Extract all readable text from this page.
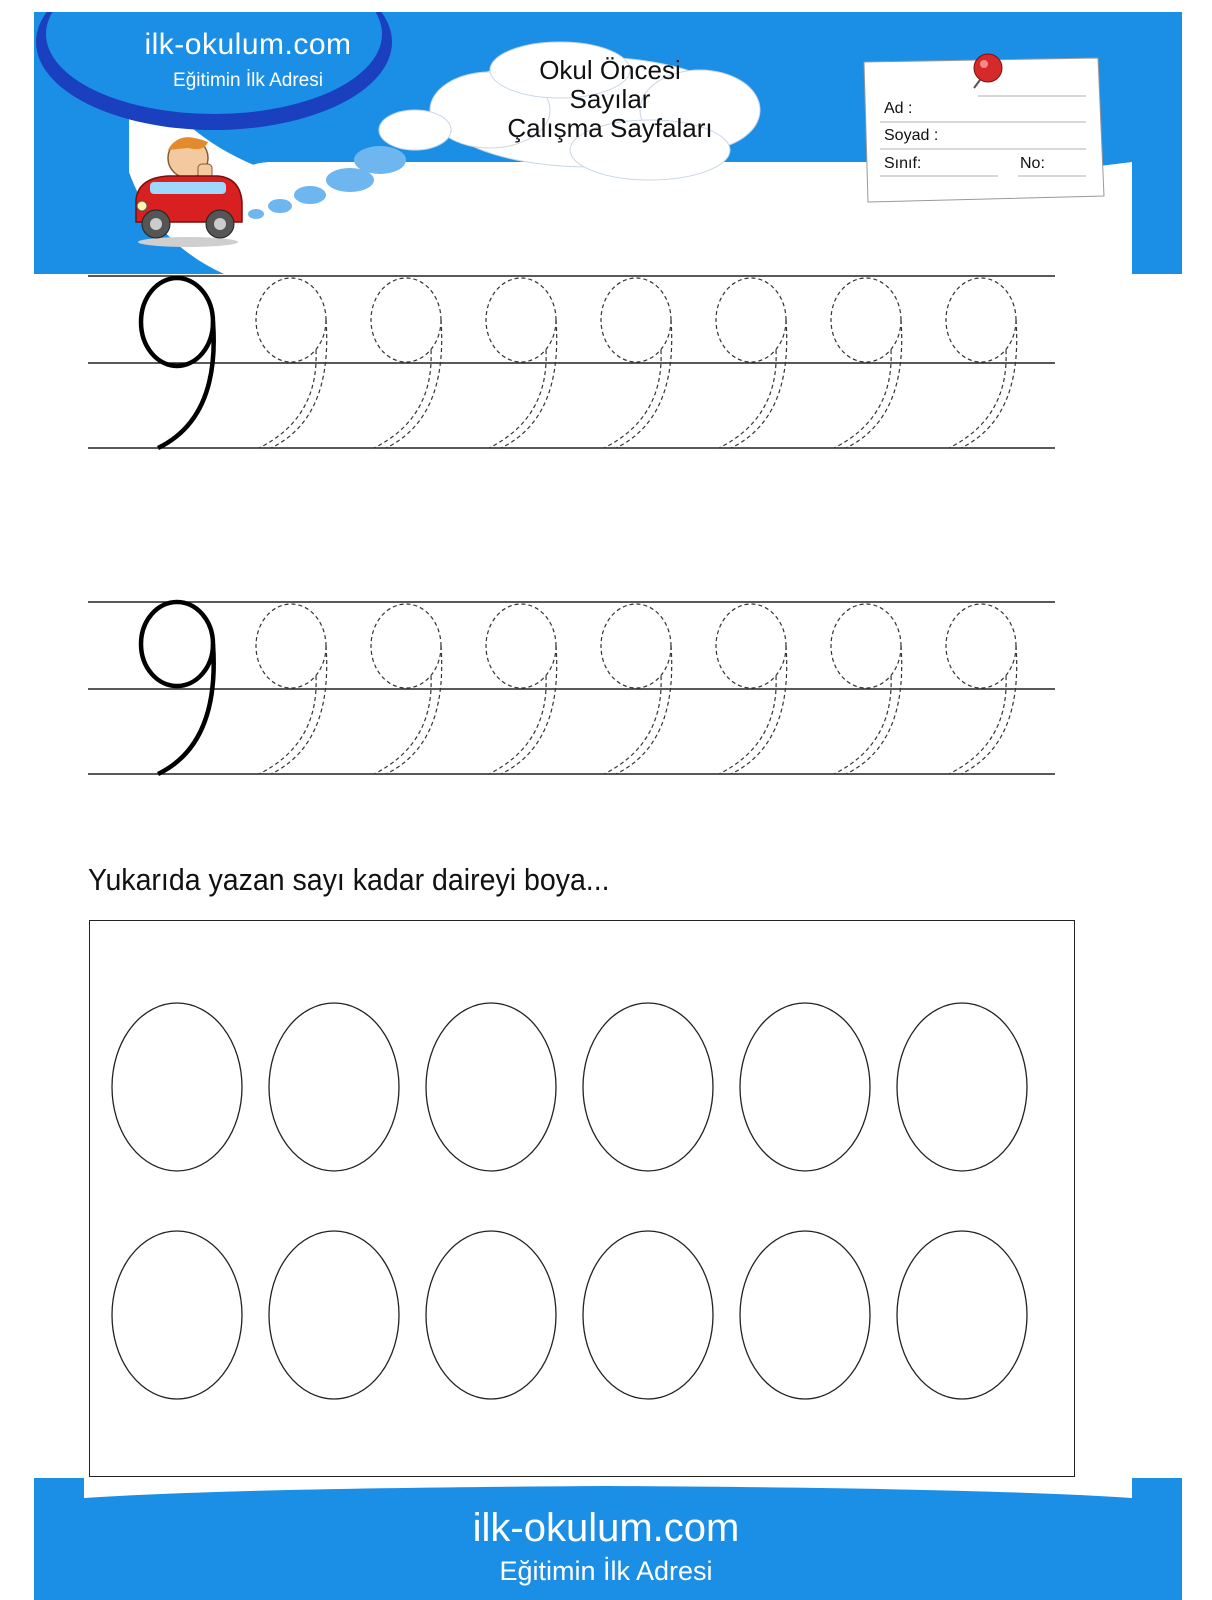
ilk-okulum.com
Eğitimin İlk Adresi	Okul Öncesi
Sayılar
Çalışma Sayfaları
Ad :
Soyad :
Sınıf:	No:
Yukarıda yazan sayı kadar daireyi boya...
ilk-okulum.com
Eğitimin İlk Adresi
